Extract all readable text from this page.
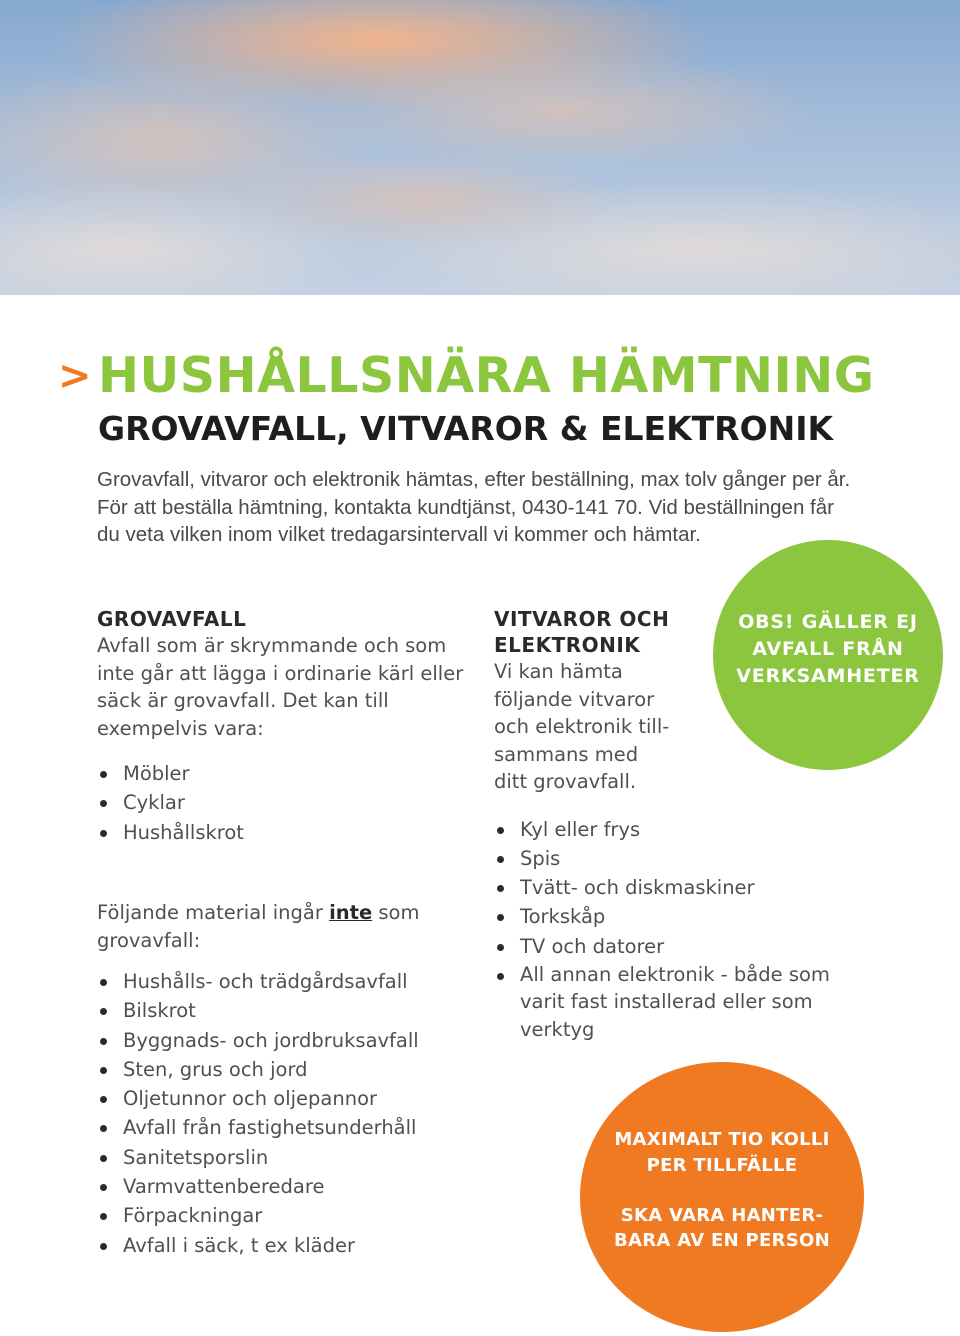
> HUSHÅLLSNÄRA HÄMTNING
GROVAVFALL, VITVAROR & ELEKTRONIK

Grovavfall, vitvaror och elektronik hämtas, efter beställning, max tolv gånger per år. För att beställa hämtning, kontakta kundtjänst, 0430-141 70. Vid beställningen får du veta vilken inom vilket tredagarsintervall vi kommer och hämtar.

GROVAVFALL

Avfall som är skrymmande och som inte går att lägga i ordinarie kärl eller säck är grovavfall. Det kan till exempelvis vara:

Möbler
Cyklar
Hushållskrot

Följande material ingår inte som grovavfall:

Hushålls- och trädgårdsavfall
Bilskrot
Byggnads- och jordbruksavfall
Sten, grus och jord
Oljetunnor och oljepannor
Avfall från fastighetsunderhåll
Sanitetsporslin
Varmvattenberedare
Förpackningar
Avfall i säck, t ex kläder
VITVAROR OCH
ELEKTRONIK

Vi kan hämta
följande vitvaror
och elektronik till-
sammans med
ditt grovavfall.

Kyl eller frys
Spis
Tvätt- och diskmaskiner
Torkskåp
TV och datorer
All annan elektronik - både som varit fast installerad eller som verktyg
OBS! GÄLLER EJ
AVFALL FRÅN
VERKSAMHETER
MAXIMALT TIO KOLLI
PER TILLFÄLLE
SKA VARA HANTER-
BARA AV EN PERSON
